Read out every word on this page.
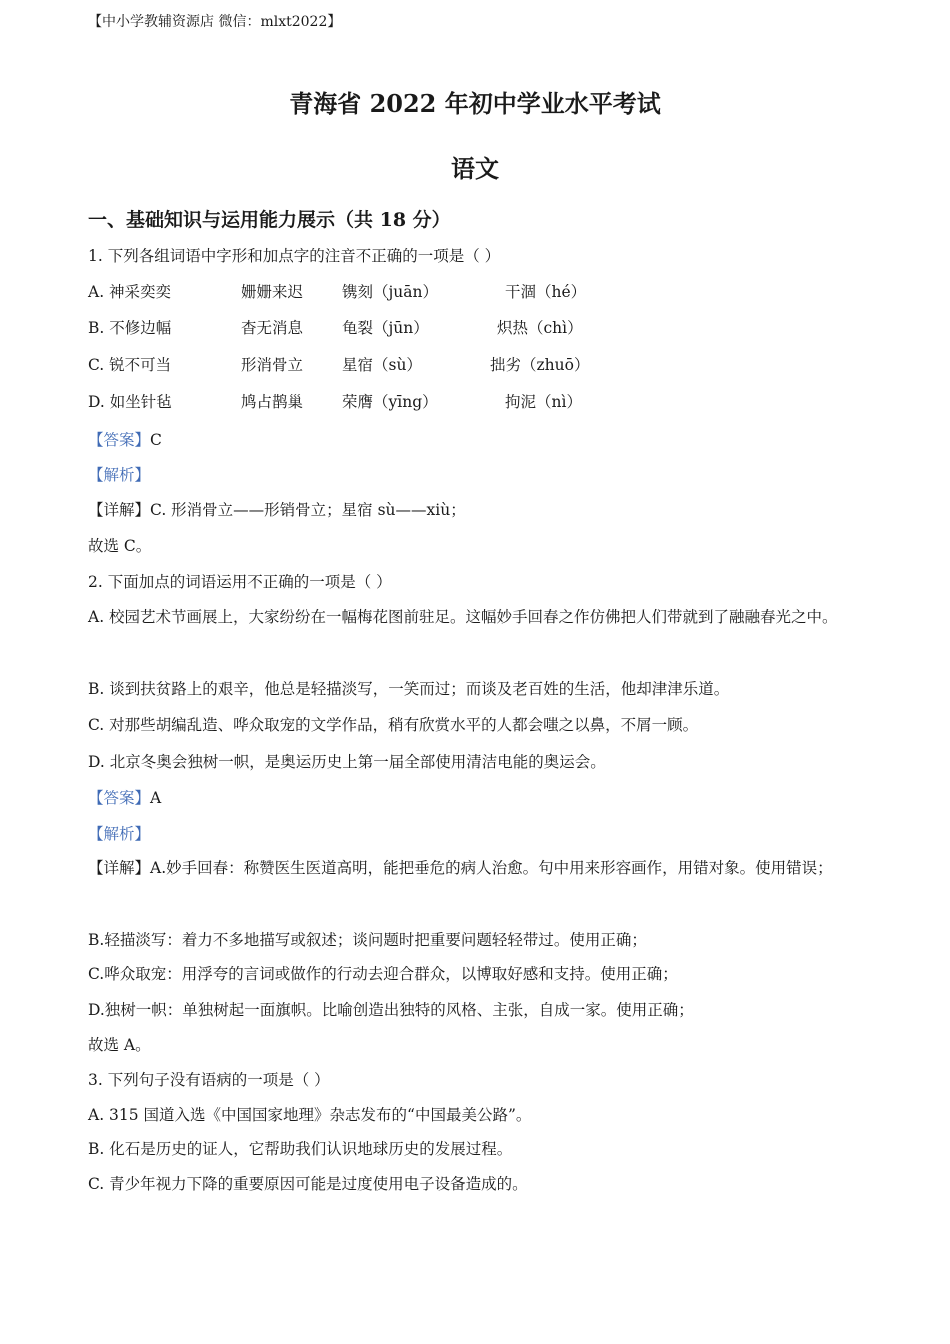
【中小学教辅资源店 微信：mlxt2022】
青海省 2022 年初中学业水平考试
语文
一、基础知识与运用能力展示（共 18 分）
1. 下列各组词语中字形和加点字的注音不正确的一项是（ ）
A. 神采奕奕	姗姗来迟	镌刻（juān）	干涸（hé）
B. 不修边幅	杳无消息	龟裂（jūn）	炽热（chì）
C. 锐不可当	形消骨立	星宿（sù）	拙劣（zhuō）
D. 如坐针毡	鸠占鹊巢	荣膺（yīng）	拘泥（nì）
【答案】C
【解析】
【详解】C. 形消骨立——形销骨立；星宿 sù——xiù；
故选 C。
2. 下面加点的词语运用不正确的一项是（ ）
A. 校园艺术节画展上，大家纷纷在一幅梅花图前驻足。这幅妙手回春之作仿佛把人们带就到了融融春光之中。
B. 谈到扶贫路上的艰辛，他总是轻描淡写，一笑而过；而谈及老百姓的生活，他却津津乐道。
C. 对那些胡编乱造、哗众取宠的文学作品，稍有欣赏水平的人都会嗤之以鼻，不屑一顾。
D. 北京冬奥会独树一帜，是奥运历史上第一届全部使用清洁电能的奥运会。
【答案】A
【解析】
【详解】A.妙手回春：称赞医生医道高明，能把垂危的病人治愈。句中用来形容画作，用错对象。使用错误；
B.轻描淡写：着力不多地描写或叙述；谈问题时把重要问题轻轻带过。使用正确；
C.哗众取宠：用浮夸的言词或做作的行动去迎合群众，以博取好感和支持。使用正确；
D.独树一帜：单独树起一面旗帜。比喻创造出独特的风格、主张，自成一家。使用正确；
故选 A。
3. 下列句子没有语病的一项是（ ）
A. 315 国道入选《中国国家地理》杂志发布的“中国最美公路”。
B. 化石是历史的证人，它帮助我们认识地球历史的发展过程。
C. 青少年视力下降的重要原因可能是过度使用电子设备造成的。
